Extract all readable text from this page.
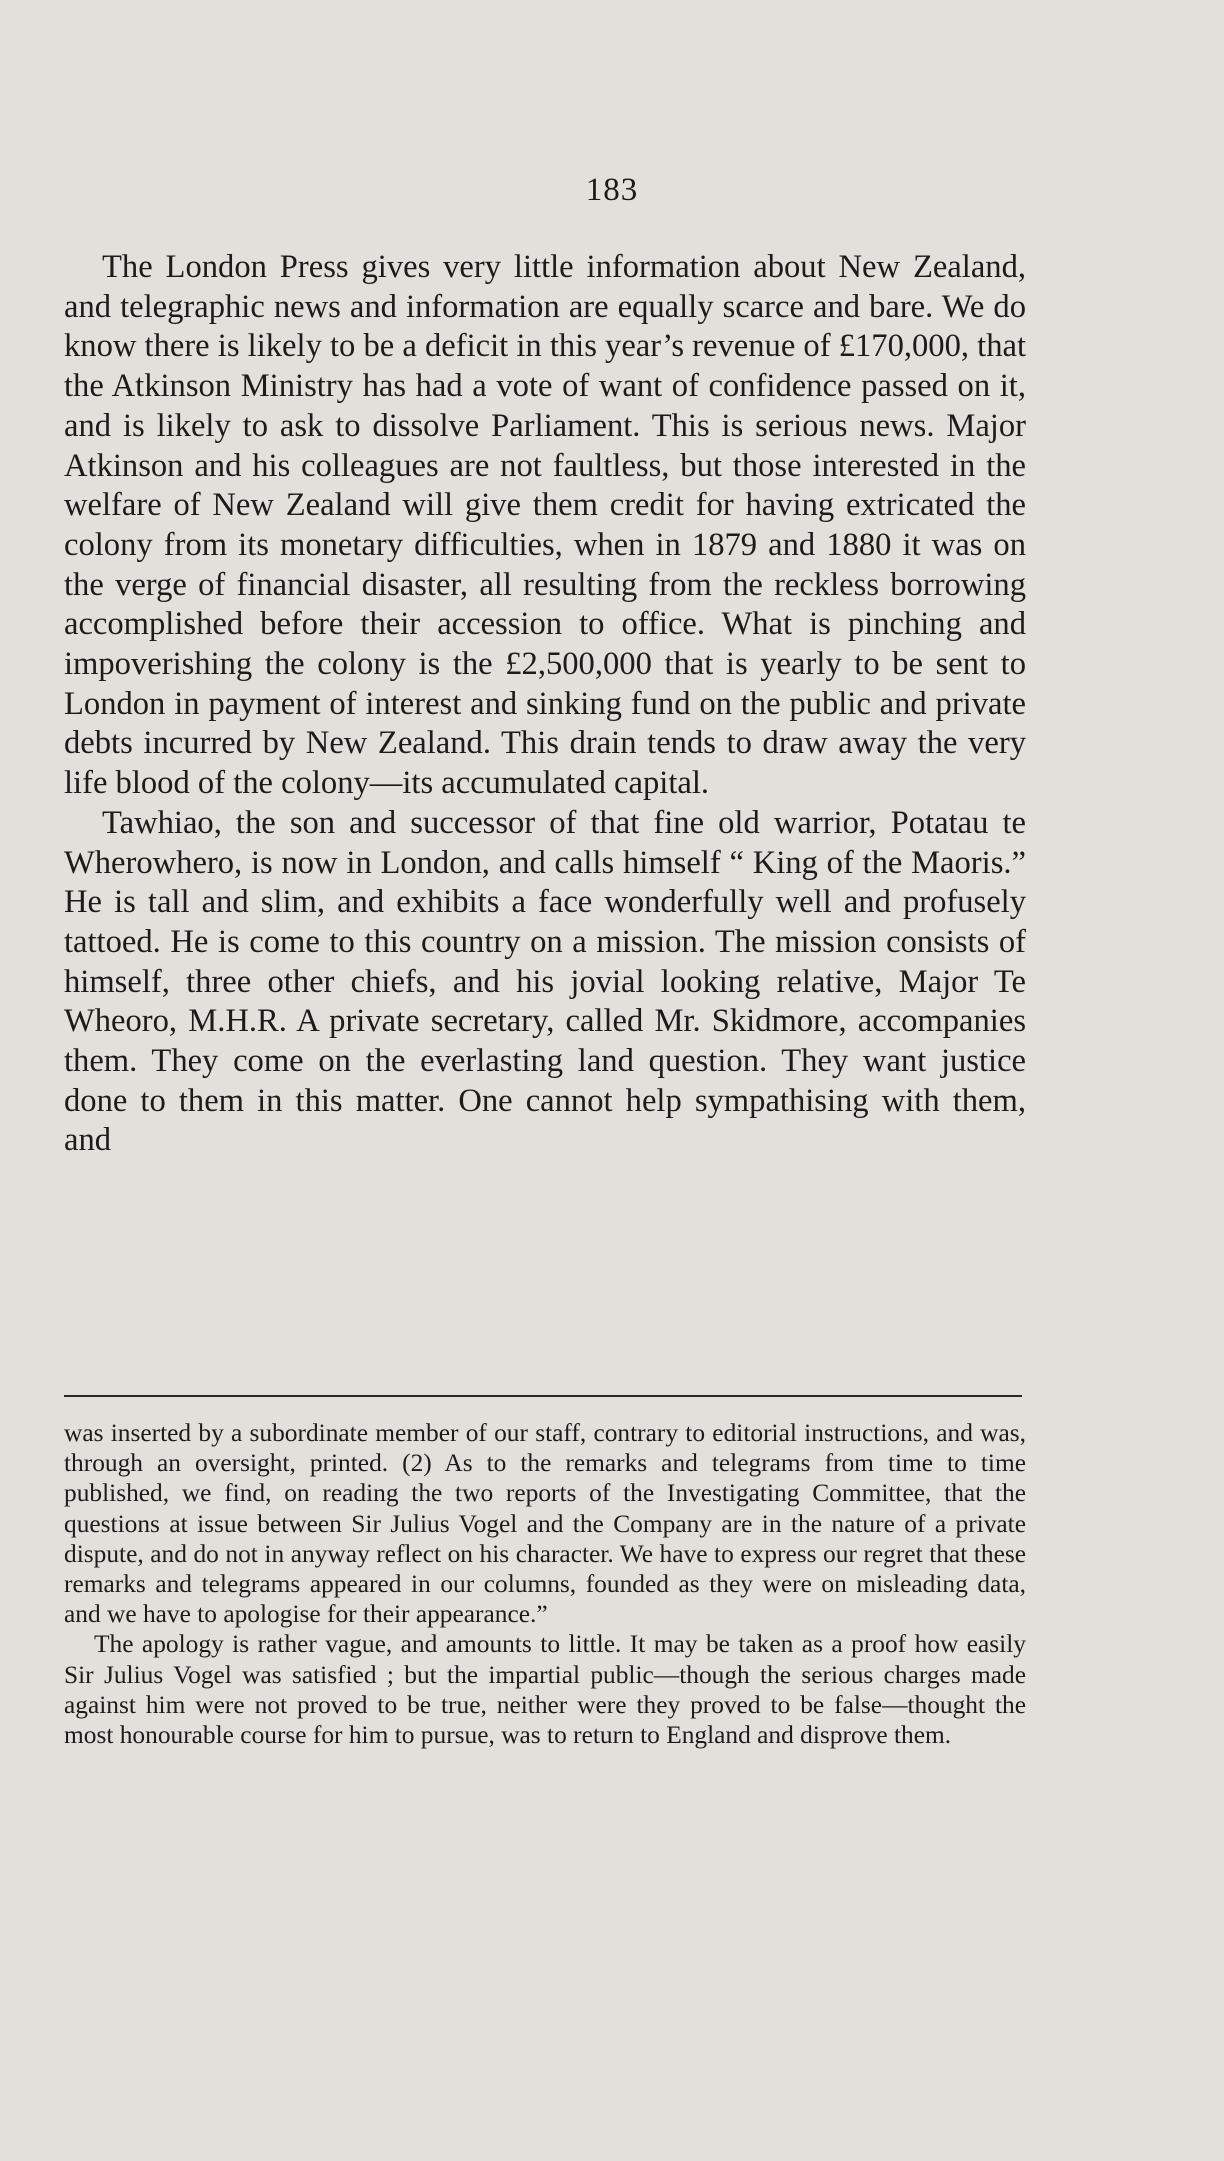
183

The London Press gives very little information about New Zealand, and telegraphic news and information are equally scarce and bare. We do know there is likely to be a deficit in this year’s revenue of £170,000, that the Atkinson Ministry has had a vote of want of confidence passed on it, and is likely to ask to dissolve Parliament. This is serious news. Major Atkinson and his colleagues are not faultless, but those interested in the welfare of New Zealand will give them credit for having extricated the colony from its monetary difficulties, when in 1879 and 1880 it was on the verge of financial disaster, all resulting from the reckless borrowing accomplished before their accession to office. What is pinching and impoverishing the colony is the £2,500,000 that is yearly to be sent to London in payment of interest and sinking fund on the public and private debts incurred by New Zealand. This drain tends to draw away the very life blood of the colony—its accumulated capital.

Tawhiao, the son and successor of that fine old warrior, Potatau te Wherowhero, is now in London, and calls himself “ King of the Maoris.” He is tall and slim, and exhibits a face wonderfully well and profusely tattoed. He is come to this country on a mission. The mission consists of himself, three other chiefs, and his jovial looking relative, Major Te Wheoro, M.H.R. A private secretary, called Mr. Skidmore, accompanies them. They come on the everlasting land question. They want justice done to them in this matter. One cannot help sympathising with them, and

was inserted by a subordinate member of our staff, contrary to editorial instructions, and was, through an oversight, printed. (2) As to the remarks and telegrams from time to time published, we find, on reading the two reports of the Investigating Committee, that the questions at issue between Sir Julius Vogel and the Company are in the nature of a private dispute, and do not in anyway reflect on his character. We have to express our regret that these remarks and telegrams appeared in our columns, founded as they were on misleading data, and we have to apologise for their appearance.”

The apology is rather vague, and amounts to little. It may be taken as a proof how easily Sir Julius Vogel was satisfied ; but the impartial public—though the serious charges made against him were not proved to be true, neither were they proved to be false—thought the most honourable course for him to pursue, was to return to England and disprove them.
